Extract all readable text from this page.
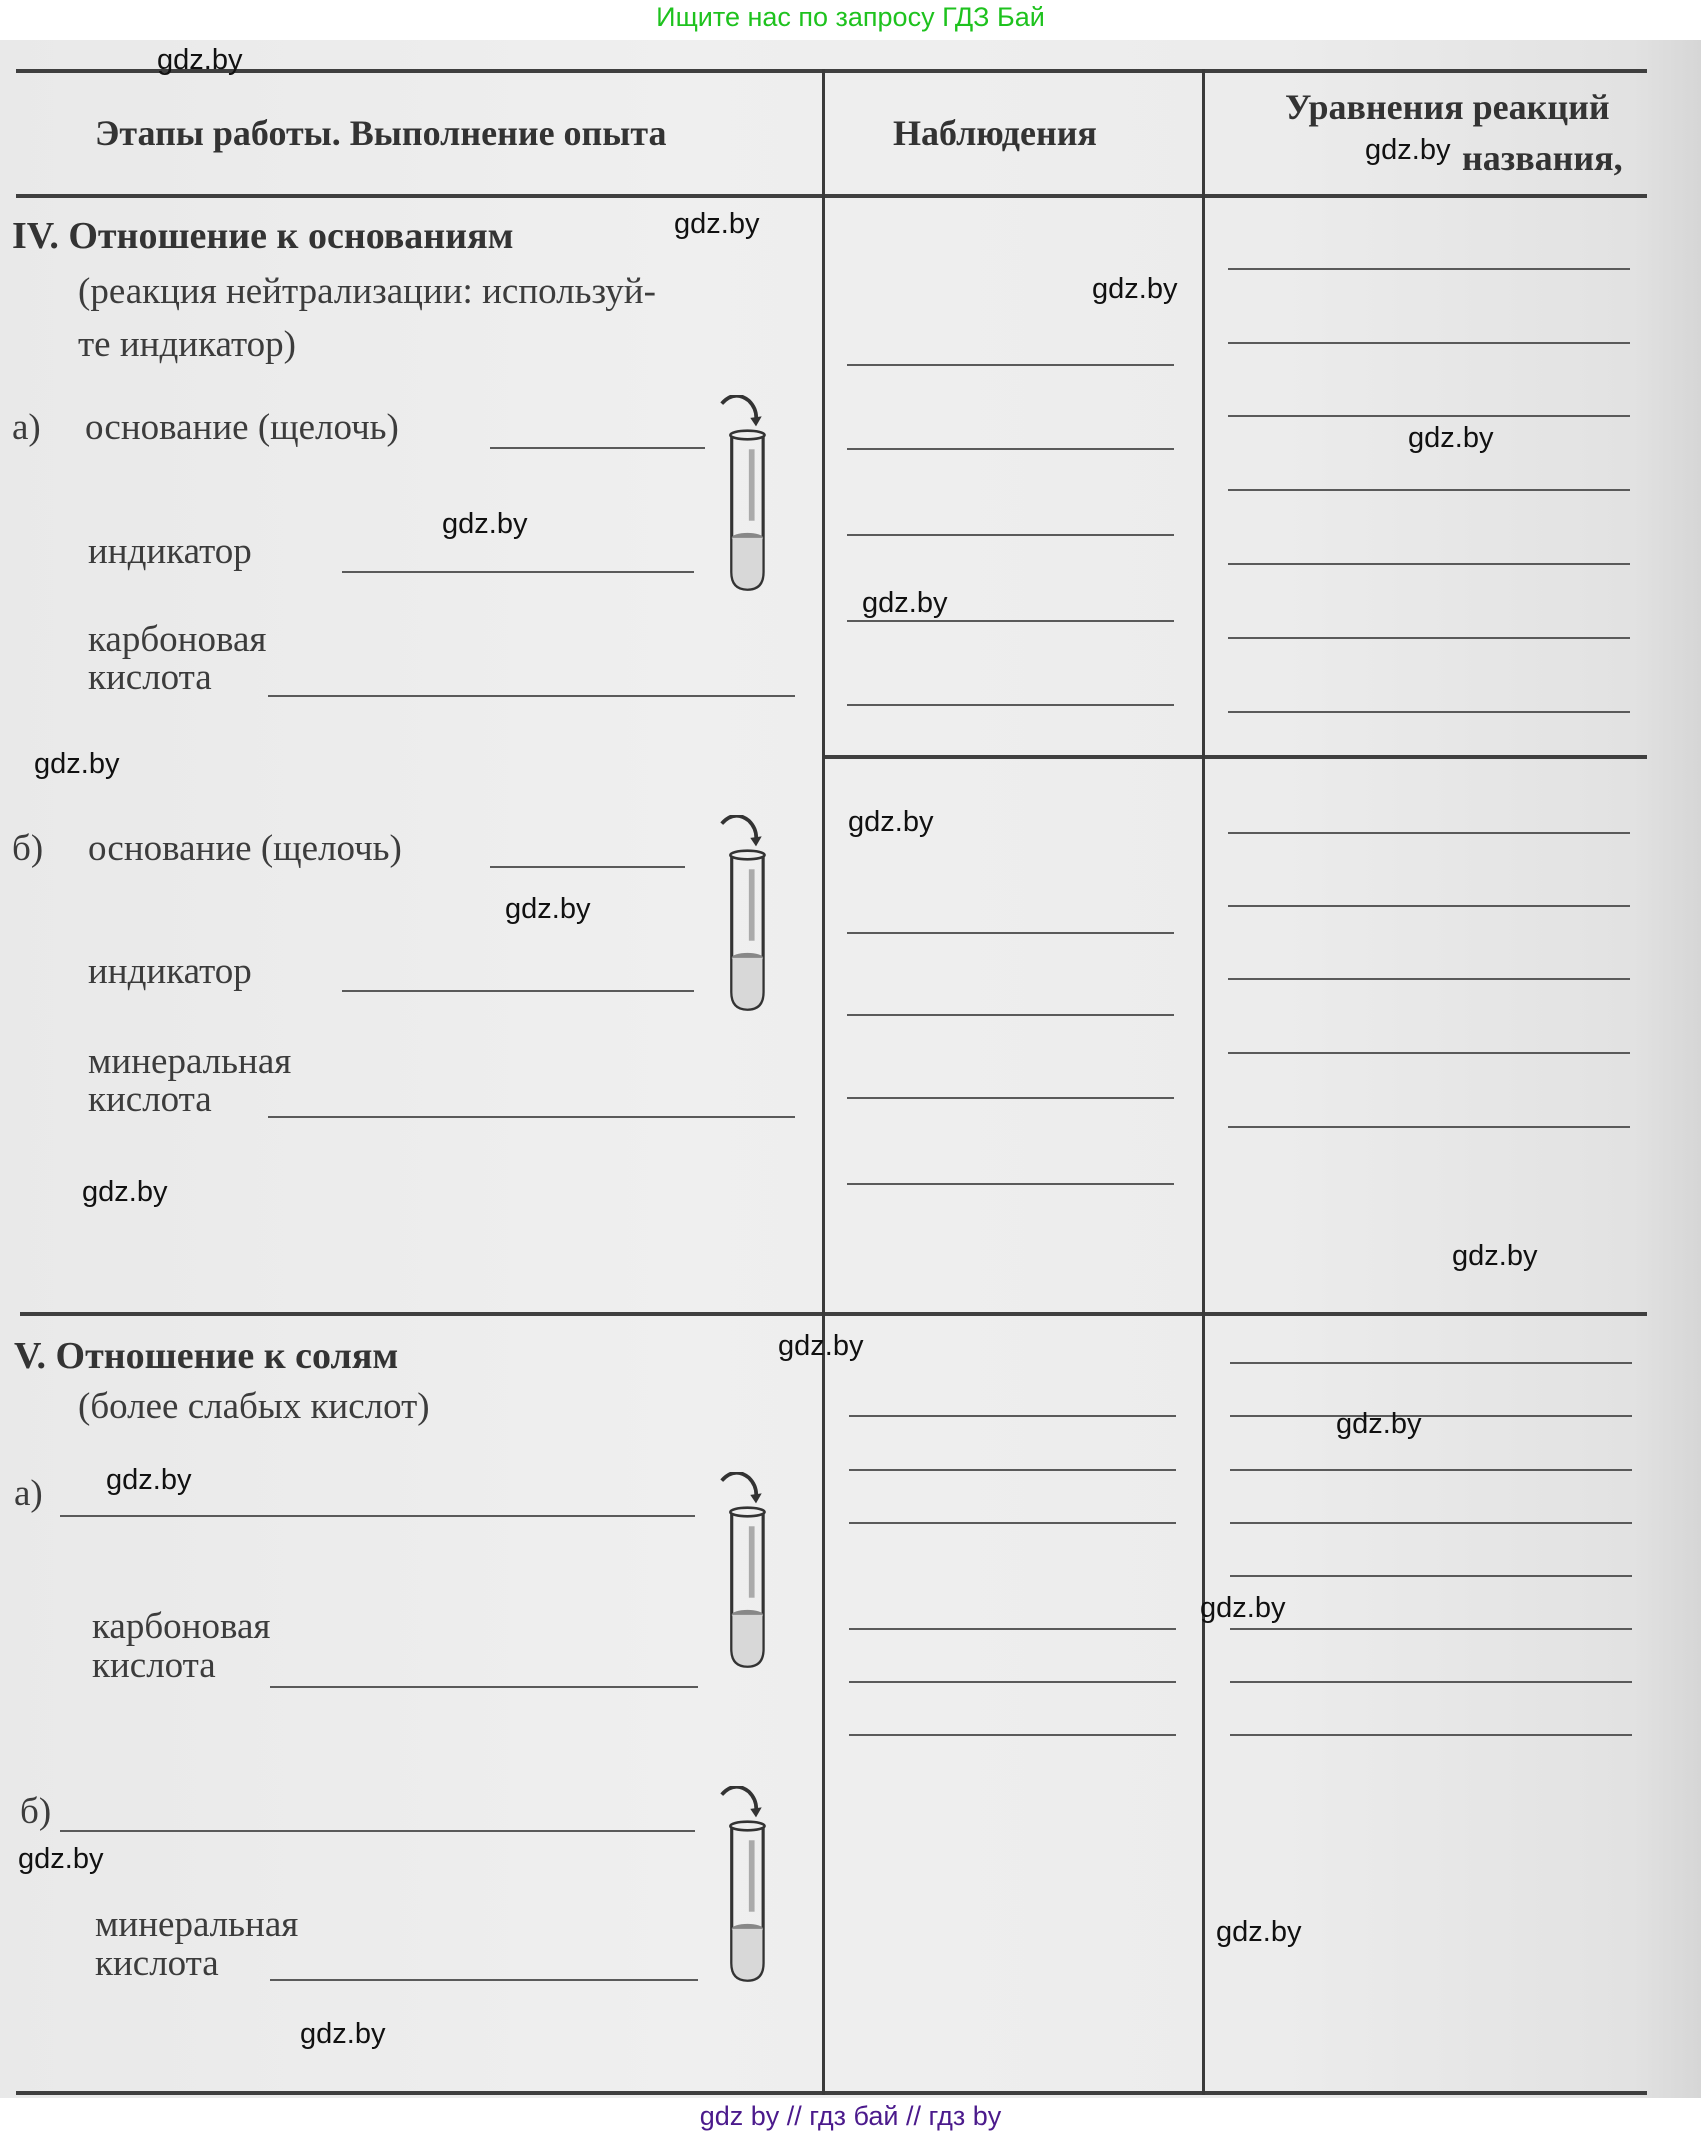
Ищите нас по запросу ГДЗ Бай
Этапы работы. Выполнение опыта	Наблюдения
Уравнения реакций
названия,
IV. Отношение к основаниям
(реакция нейтрализации: используй-
те индикатор)
а) основание (щелочь)
индикатор
карбоновая
кислота
б) основание (щелочь)
индикатор
минеральная
кислота
V. Отношение к солям
(более слабых кислот)
а)
карбоновая
кислота
б)
минеральная
кислота
gdz.by
gdz.by
gdz.by
gdz.by
gdz.by
gdz.by
gdz.by
gdz.by
gdz.by
gdz.by
gdz.by
gdz.by
gdz.by
gdz.by
gdz.by
gdz.by
gdz.by
gdz.by
gdz.by
gdz by // гдз бай // гдз by
